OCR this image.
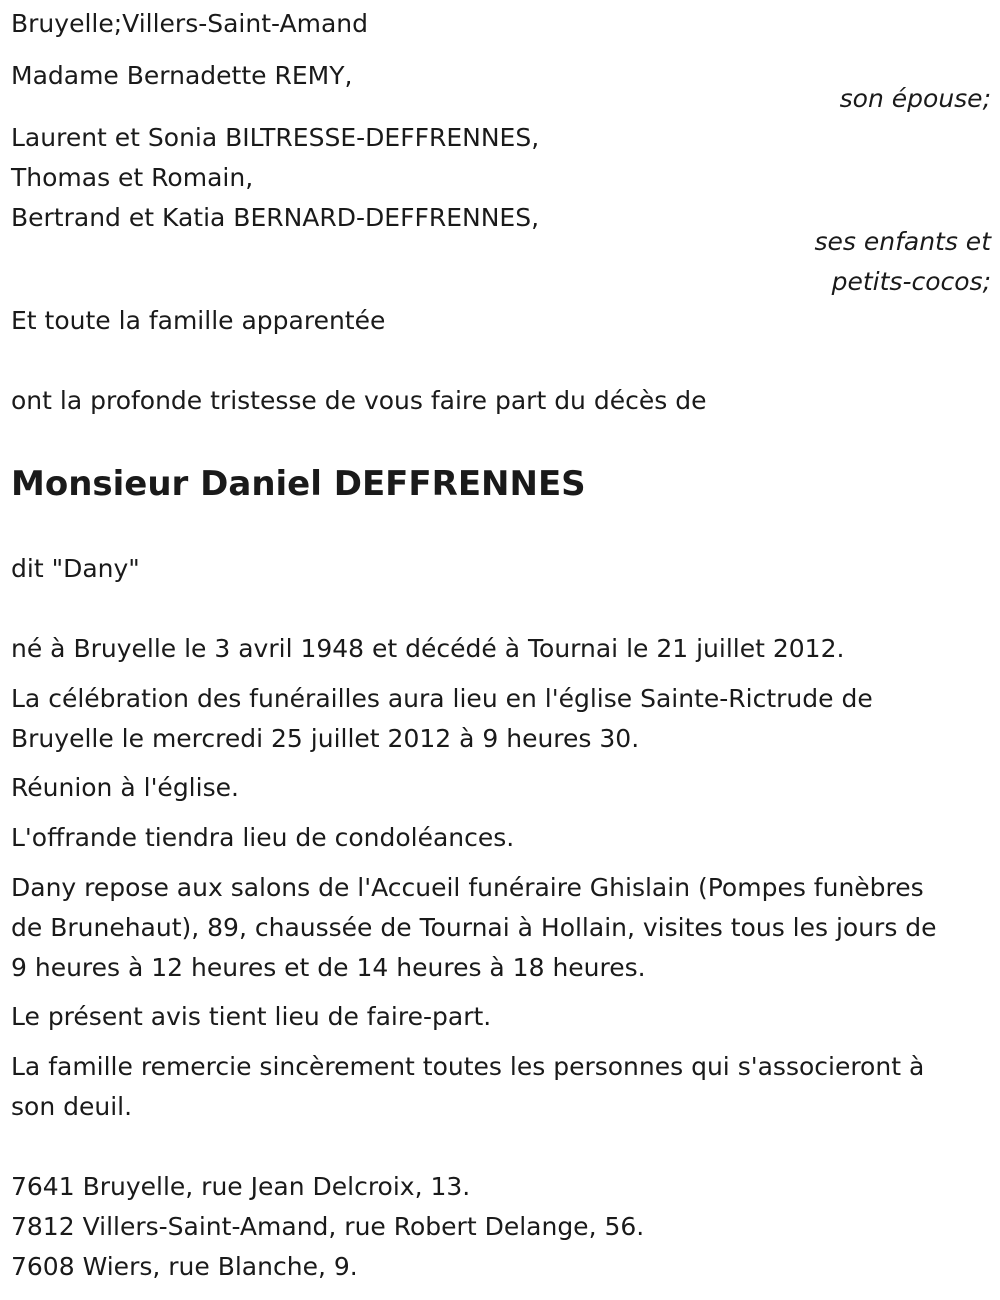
Bruyelle;Villers-Saint-Amand
Madame Bernadette REMY,
son épouse;
Laurent et Sonia BILTRESSE-DEFFRENNES,
Thomas et Romain,
Bertrand et Katia BERNARD-DEFFRENNES,
ses enfants et
petits-cocos;
Et toute la famille apparentée
ont la profonde tristesse de vous faire part du décès de
Monsieur Daniel DEFFRENNES
dit "Dany"
né à Bruyelle le 3 avril 1948 et décédé à Tournai le 21 juillet 2012.
La célébration des funérailles aura lieu en l'église Sainte-Rictrude de
Bruyelle le mercredi 25 juillet 2012 à 9 heures 30.
Réunion à l'église.
L'offrande tiendra lieu de condoléances.
Dany repose aux salons de l'Accueil funéraire Ghislain (Pompes funèbres
de Brunehaut), 89, chaussée de Tournai à Hollain, visites tous les jours de
9 heures à 12 heures et de 14 heures à 18 heures.
Le présent avis tient lieu de faire-part.
La famille remercie sincèrement toutes les personnes qui s'associeront à
son deuil.
7641 Bruyelle, rue Jean Delcroix, 13.
7812 Villers-Saint-Amand, rue Robert Delange, 56.
7608 Wiers, rue Blanche, 9.
